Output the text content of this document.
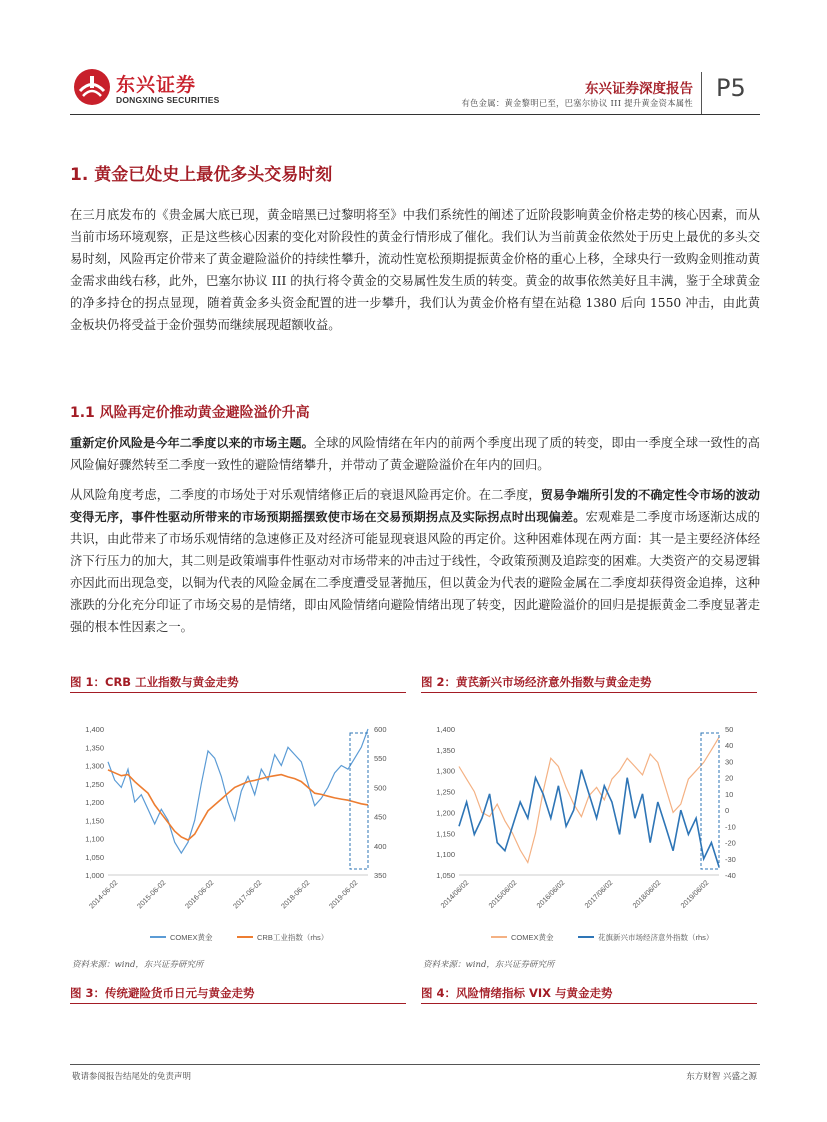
东兴证券
DONGXING SECURITIES
东兴证券深度报告
有色金属：黄金黎明已至，巴塞尔协议 III 提升黄金资本属性
P5
1. 黄金已处史上最优多头交易时刻

在三月底发布的《贵金属大底已现，黄金暗黑已过黎明将至》中我们系统性的阐述了近阶段影响黄金价格走势的核心因素，而从当前市场环境观察，正是这些核心因素的变化对阶段性的黄金行情形成了催化。我们认为当前黄金依然处于历史上最优的多头交易时刻，风险再定价带来了黄金避险溢价的持续性攀升，流动性宽松预期提振黄金价格的重心上移，全球央行一致购金则推动黄金需求曲线右移，此外，巴塞尔协议 III 的执行将令黄金的交易属性发生质的转变。黄金的故事依然美好且丰满，鉴于全球黄金的净多持仓的拐点显现，随着黄金多头资金配置的进一步攀升，我们认为黄金价格有望在站稳 1380 后向 1550 冲击，由此黄金板块仍将受益于金价强势而继续展现超额收益。

1.1 风险再定价推动黄金避险溢价升高

重新定价风险是今年二季度以来的市场主题。全球的风险情绪在年内的前两个季度出现了质的转变，即由一季度全球一致性的高风险偏好骤然转至二季度一致性的避险情绪攀升，并带动了黄金避险溢价在年内的回归。

从风险角度考虑，二季度的市场处于对乐观情绪修正后的衰退风险再定价。在二季度，贸易争端所引发的不确定性令市场的波动变得无序，事件性驱动所带来的市场预期摇摆致使市场在交易预期拐点及实际拐点时出现偏差。宏观难是二季度市场逐渐达成的共识，由此带来了市场乐观情绪的急速修正及对经济可能显现衰退风险的再定价。这种困难体现在两方面：其一是主要经济体经济下行压力的加大，其二则是政策端事件性驱动对市场带来的冲击过于线性，令政策预测及追踪变的困难。大类资产的交易逻辑亦因此而出现急变，以铜为代表的风险金属在二季度遭受显著抛压，但以黄金为代表的避险金属在二季度却获得资金追捧，这种涨跌的分化充分印证了市场交易的是情绪，即由风险情绪向避险情绪出现了转变，因此避险溢价的回归是提振黄金二季度显著走强的根本性因素之一。

图 1：CRB 工业指数与黄金走势	图 2：黄芪新兴市场经济意外指数与黄金走势
1,000
1,050
1,100
1,150
1,200
1,250
1,300
1,350
1,400
350
400
450
500
550
600
2014-06-02 2015-06-02 2016-06-02 2017-06-02 2018-06-02 2019-06-02
COMEX黄金	CRB工业指数（rhs）
1,050
1,100
1,150
1,200
1,250
1,300
1,350
1,400
-40
-30
-20
-10
0
10
20
30
40
50
2014/06/02 2015/06/02 2016/06/02 2017/06/02 2018/06/02 2019/06/02
COMEX黄金	花旗新兴市场经济意外指数（rhs）
资料来源：wind，东兴证券研究所	资料来源：wind，东兴证券研究所
图 3：传统避险货币日元与黄金走势	图 4：风险情绪指标 VIX 与黄金走势
敬请参阅报告结尾处的免责声明	东方财智 兴盛之源
